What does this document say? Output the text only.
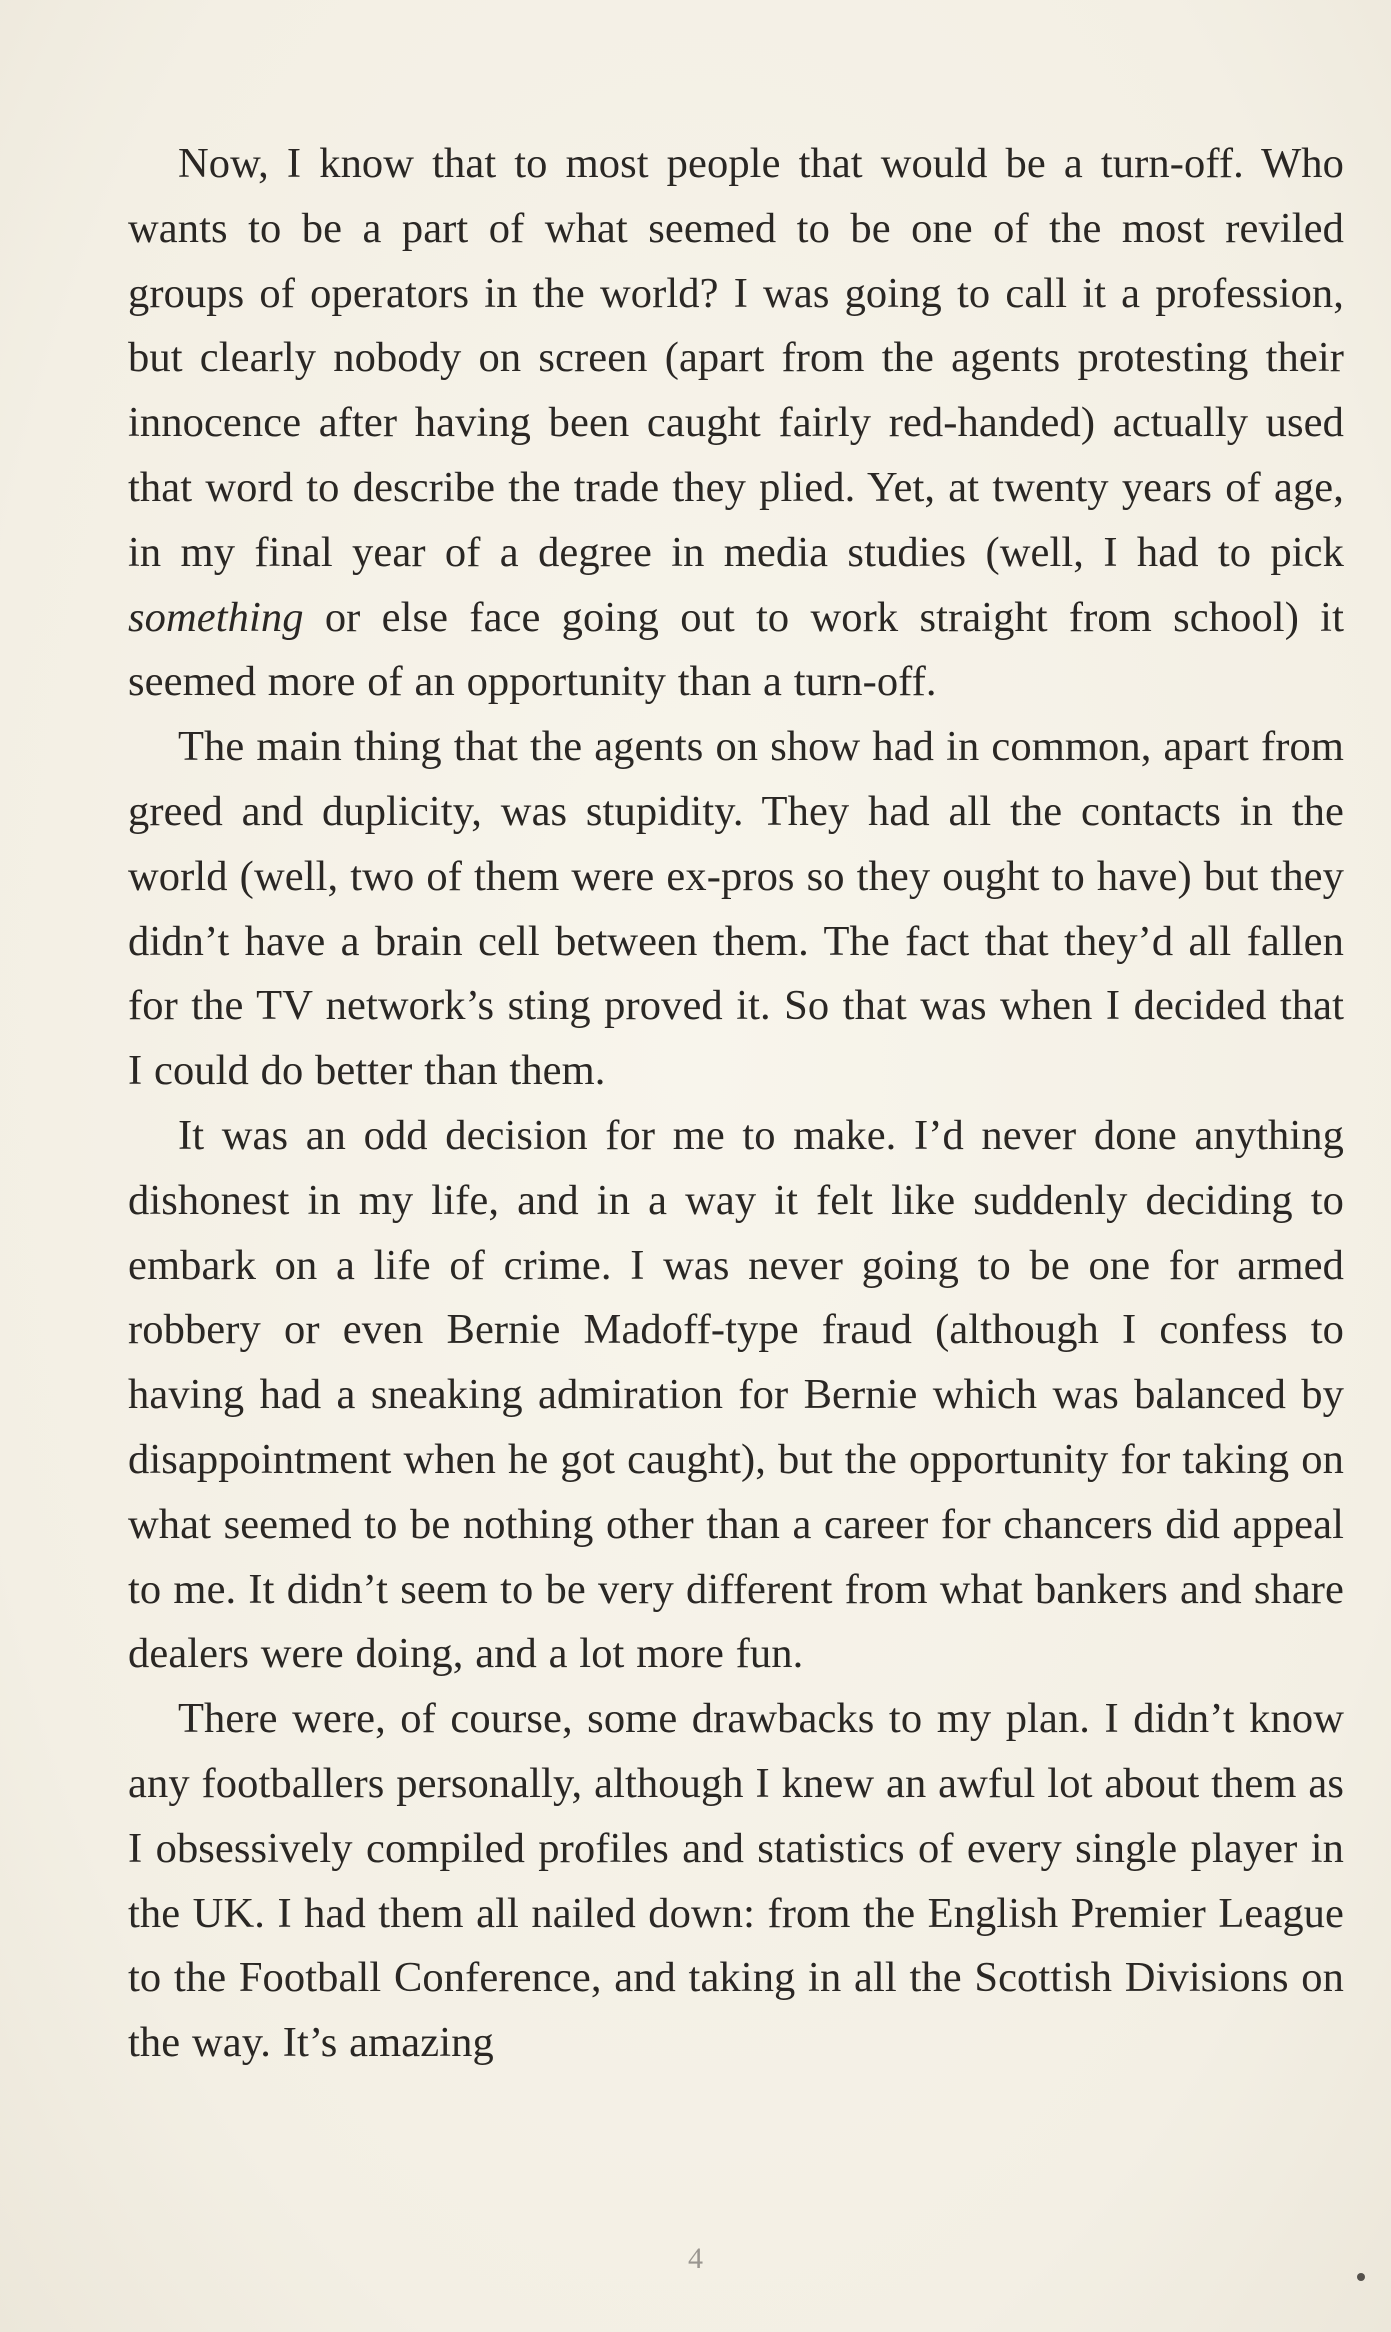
Now, I know that to most people that would be a turn-off. Who wants to be a part of what seemed to be one of the most reviled groups of operators in the world? I was going to call it a profession, but clearly nobody on screen (apart from the agents protesting their innocence after having been caught fairly red-handed) actually used that word to describe the trade they plied. Yet, at twenty years of age, in my final year of a degree in media studies (well, I had to pick something or else face going out to work straight from school) it seemed more of an opportunity than a turn-off.

The main thing that the agents on show had in common, apart from greed and duplicity, was stupidity. They had all the contacts in the world (well, two of them were ex-pros so they ought to have) but they didn’t have a brain cell between them. The fact that they’d all fallen for the TV network’s sting proved it. So that was when I decided that I could do better than them.

It was an odd decision for me to make. I’d never done anything dishonest in my life, and in a way it felt like suddenly deciding to embark on a life of crime. I was never going to be one for armed robbery or even Bernie Madoff-type fraud (although I confess to having had a sneaking admiration for Bernie which was balanced by disappointment when he got caught), but the opportunity for taking on what seemed to be nothing other than a career for chancers did appeal to me. It didn’t seem to be very different from what bankers and share dealers were doing, and a lot more fun.

There were, of course, some drawbacks to my plan. I didn’t know any footballers personally, although I knew an awful lot about them as I obsessively compiled profiles and statistics of every single player in the UK. I had them all nailed down: from the English Premier League to the Football Conference, and taking in all the Scottish Divisions on the way. It’s amazing

4
